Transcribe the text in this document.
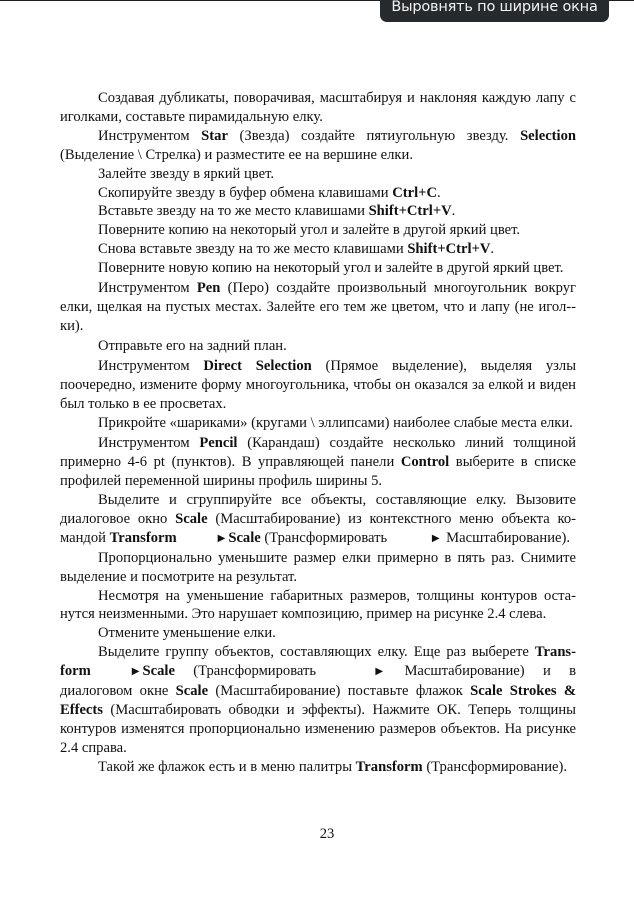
Выровнять по ширине окна

Создавая дубликаты, поворачивая, масштабируя и наклоняя каждую лапу с иголками, составьте пирамидальную елку.

Инструментом Star (Звезда) создайте пятиугольную звезду. Selection (Выделение \ Стрелка) и разместите ее на вершине елки.

Залейте звезду в яркий цвет.

Скопируйте звезду в буфер обмена клавишами Ctrl+C.

Вставьте звезду на то же место клавишами Shift+Ctrl+V.

Поверните копию на некоторый угол и залейте в другой яркий цвет.

Снова вставьте звезду на то же место клавишами Shift+Ctrl+V.

Поверните новую копию на некоторый угол и залейте в другой яркий цвет.

Инструментом Pen (Перо) создайте произвольный многоугольник вокруг елки, щелкая на пустых местах. Залейте его тем же цветом, что и лапу (не игол-ки).

Отправьте его на задний план.

Инструментом Direct Selection (Прямое выделение), выделяя узлы поочередно, измените форму многоугольника, чтобы он оказался за елкой и виден был только в ее просветах.

Прикройте «шариками» (кругами \ эллипсами) наиболее слабые места елки.

Инструментом Pencil (Карандаш) создайте несколько линий толщиной примерно 4-6 pt (пунктов). В управляющей панели Control выберите в списке профилей переменной ширины профиль ширины 5.

Выделите и сгруппируйте все объекты, составляющие елку. Вызовите диалоговое окно Scale (Масштабирование) из контекстного меню объекта командой Transform	▶ Scale (Трансформировать	▶ Масштабирование).

Пропорционально уменьшите размер елки примерно в пять раз. Снимите выделение и посмотрите на результат.

Несмотря на уменьшение габаритных размеров, толщины контуров останутся неизменными. Это нарушает композицию, пример на рисунке 2.4 слева.

Отмените уменьшение елки.

Выделите группу объектов, составляющих елку. Еще раз выберете Transform	▶ Scale (Трансформировать	▶ Масштабирование) и в диалоговом окне Scale (Масштабирование) поставьте флажок Scale Strokes & Effects (Масштабировать обводки и эффекты). Нажмите ОК. Теперь толщины контуров изменятся пропорционально изменению размеров объектов. На рисунке 2.4 справа.

Такой же флажок есть и в меню палитры Transform (Трансформирование).

23
